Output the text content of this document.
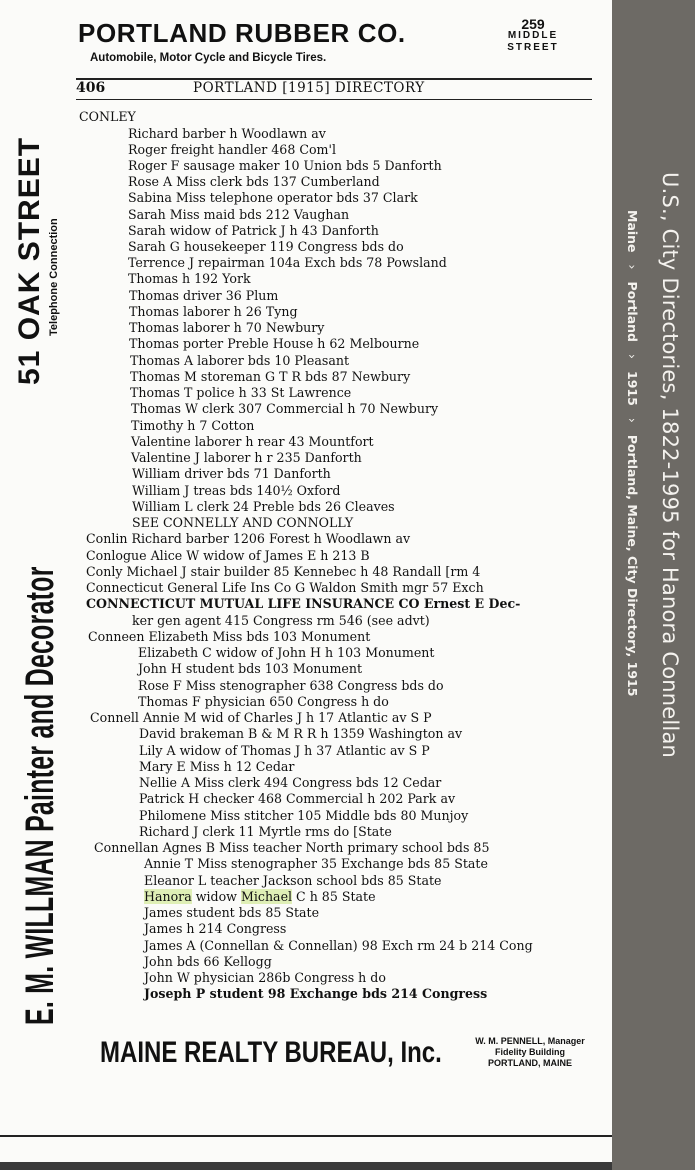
PORTLAND RUBBER CO.
Automobile, Motor Cycle and Bicycle Tires.
259
MIDDLE
STREET
406	PORTLAND [1915] DIRECTORY
51 OAK STREET Telephone Connection
E. M. WILLMAN Painter and Decorator
CONLEY
Richard barber h Woodlawn av
Roger freight handler 468 Com'l
Roger F sausage maker 10 Union bds 5 Danforth
Rose A Miss clerk bds 137 Cumberland
Sabina Miss telephone operator bds 37 Clark
Sarah Miss maid bds 212 Vaughan
Sarah widow of Patrick J h 43 Danforth
Sarah G housekeeper 119 Congress bds do
Terrence J repairman 104a Exch bds 78 Powsland
Thomas h 192 York
Thomas driver 36 Plum
Thomas laborer h 26 Tyng
Thomas laborer h 70 Newbury
Thomas porter Preble House h 62 Melbourne
Thomas A laborer bds 10 Pleasant
Thomas M storeman G T R bds 87 Newbury
Thomas T police h 33 St Lawrence
Thomas W clerk 307 Commercial h 70 Newbury
Timothy h 7 Cotton
Valentine laborer h rear 43 Mountfort
Valentine J laborer h r 235 Danforth
William driver bds 71 Danforth
William J treas bds 140½ Oxford
William L clerk 24 Preble bds 26 Cleaves
SEE CONNELLY AND CONNOLLY
Conlin Richard barber 1206 Forest h Woodlawn av
Conlogue Alice W widow of James E h 213 B
Conly Michael J stair builder 85 Kennebec h 48 Randall [rm 4
Connecticut General Life Ins Co G Waldon Smith mgr 57 Exch
CONNECTICUT MUTUAL LIFE INSURANCE CO Ernest E Dec-
ker gen agent 415 Congress rm 546 (see advt)
Conneen Elizabeth Miss bds 103 Monument
Elizabeth C widow of John H h 103 Monument
John H student bds 103 Monument
Rose F Miss stenographer 638 Congress bds do
Thomas F physician 650 Congress h do
Connell Annie M wid of Charles J h 17 Atlantic av S P
David brakeman B & M R R h 1359 Washington av
Lily A widow of Thomas J h 37 Atlantic av S P
Mary E Miss h 12 Cedar
Nellie A Miss clerk 494 Congress bds 12 Cedar
Patrick H checker 468 Commercial h 202 Park av
Philomene Miss stitcher 105 Middle bds 80 Munjoy
Richard J clerk 11 Myrtle rms do [State
Connellan Agnes B Miss teacher North primary school bds 85
Annie T Miss stenographer 35 Exchange bds 85 State
Eleanor L teacher Jackson school bds 85 State
Hanora widow Michael C h 85 State
James student bds 85 State
James h 214 Congress
James A (Connellan & Connellan) 98 Exch rm 24 b 214 Cong
John bds 66 Kellogg
John W physician 286b Congress h do
Joseph P student 98 Exchange bds 214 Congress
MAINE REALTY BUREAU, Inc.	W. M. PENNELL, Manager
Fidelity Building
PORTLAND, MAINE
U.S., City Directories, 1822-1995 for Hanora Connellan
Maine›Portland›1915›Portland, Maine, City Directory, 1915
